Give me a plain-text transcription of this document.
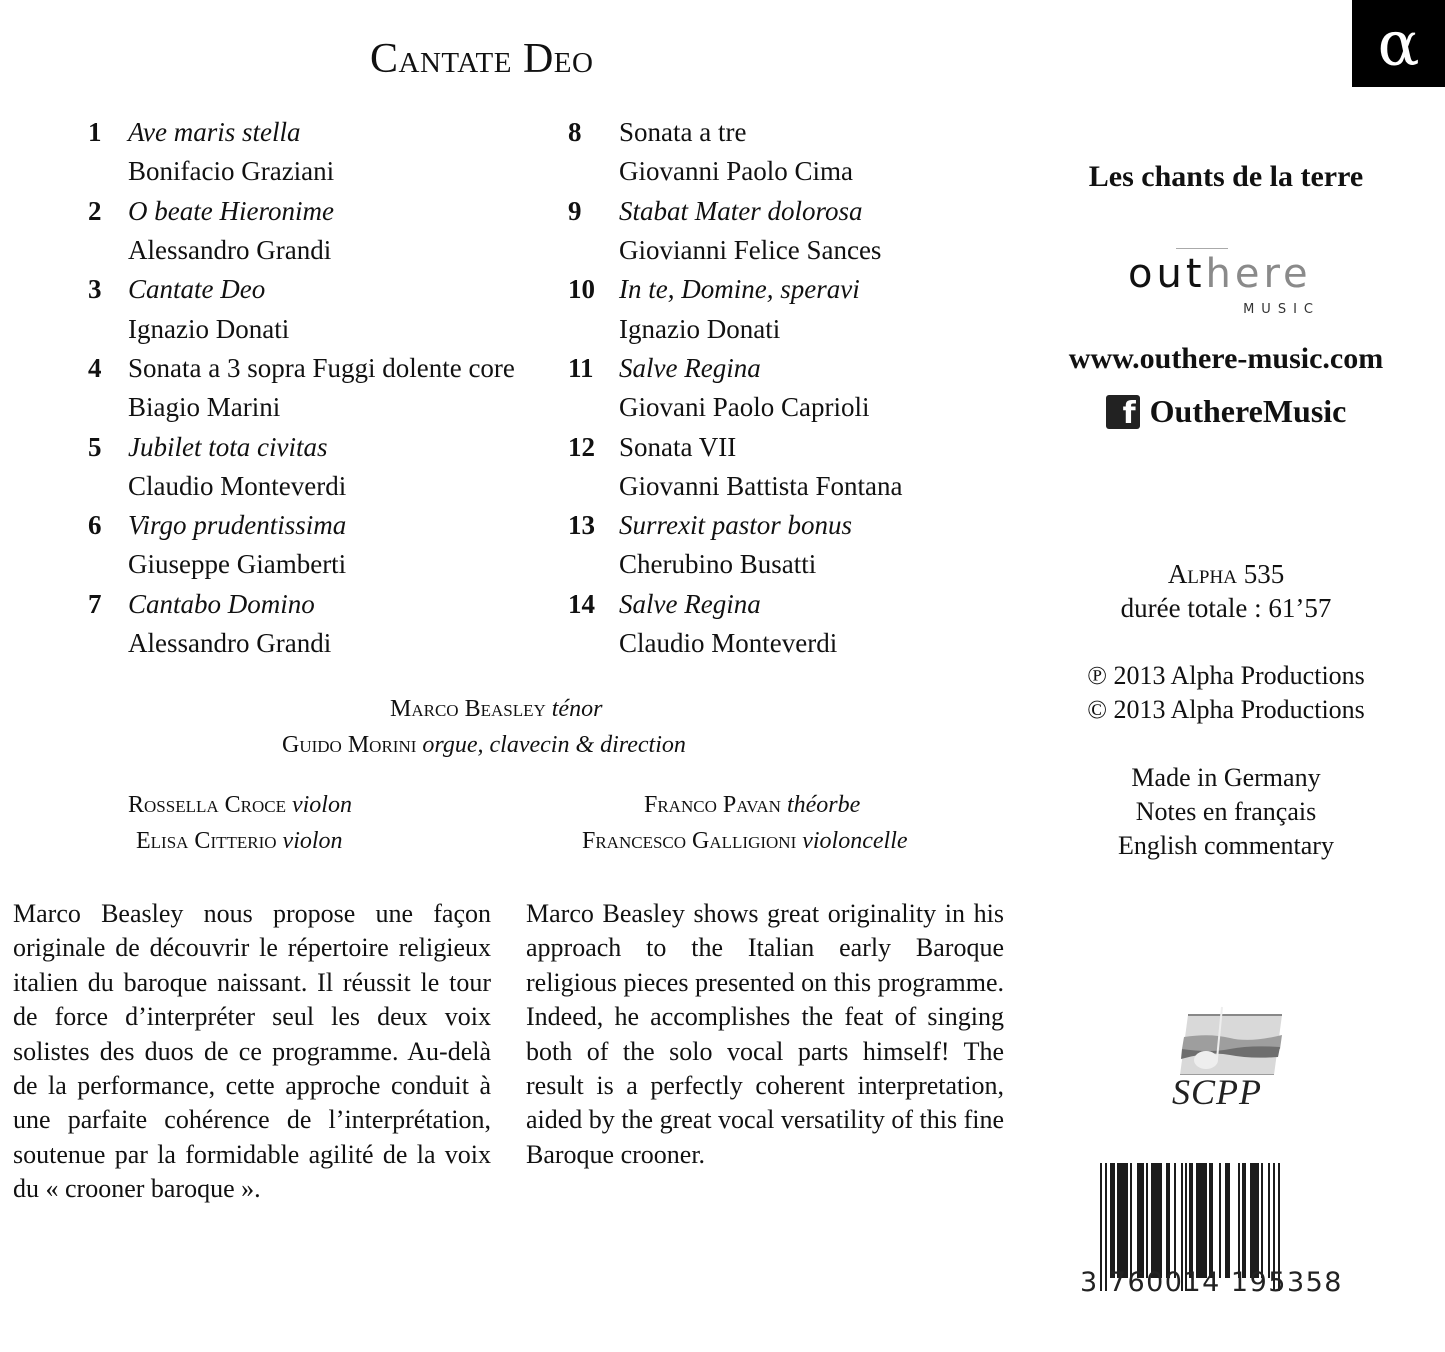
Cantate Deo	α
1 Ave maris stella
Bonifacio Graziani
2 O beate Hieronime
Alessandro Grandi
3 Cantate Deo
Ignazio Donati
4 Sonata a 3 sopra Fuggi dolente core
Biagio Marini
5 Jubilet tota civitas
Claudio Monteverdi
6 Virgo prudentissima
Giuseppe Giamberti
7 Cantabo Domino
Alessandro Grandi
8	Sonata a tre
Giovanni Paolo Cima
9	Stabat Mater dolorosa
Giovianni Felice Sances
10 In te, Domine, speravi
Ignazio Donati
11 Salve Regina
Giovani Paolo Caprioli
12 Sonata VII
Giovanni Battista Fontana
13 Surrexit pastor bonus
Cherubino Busatti
14 Salve Regina
Claudio Monteverdi
Marco Beasley ténor
Guido Morini orgue, clavecin & direction
Rossella Croce violon
Elisa Citterio violon
Franco Pavan théorbe
Francesco Galligioni violoncelle

Marco Beasley nous propose une façon originale de découvrir le répertoire religieux italien du baroque naissant. Il réussit le tour de force d’interpréter seul les deux voix solistes des duos de ce programme. Au-delà de la performance, cette approche conduit à une parfaite cohérence de l’interprétation, soutenue par la formidable agilité de la voix du « crooner baroque ».

Marco Beasley shows great originality in his approach to the Italian early Baroque religious pieces presented on this programme. Indeed, he accomplishes the feat of singing both of the solo vocal parts himself! The result is a perfectly coherent interpretation, aided by the great vocal versatility of this fine Baroque crooner.

Les chants de la terre
outhere
MUSIC
www.outhere-music.com
f OuthereMusic
Alpha 535
durée totale : 61’57
℗ 2013 Alpha Productions
© 2013 Alpha Productions
Made in Germany
Notes en français
English commentary
SCPP
3 760014 195358
